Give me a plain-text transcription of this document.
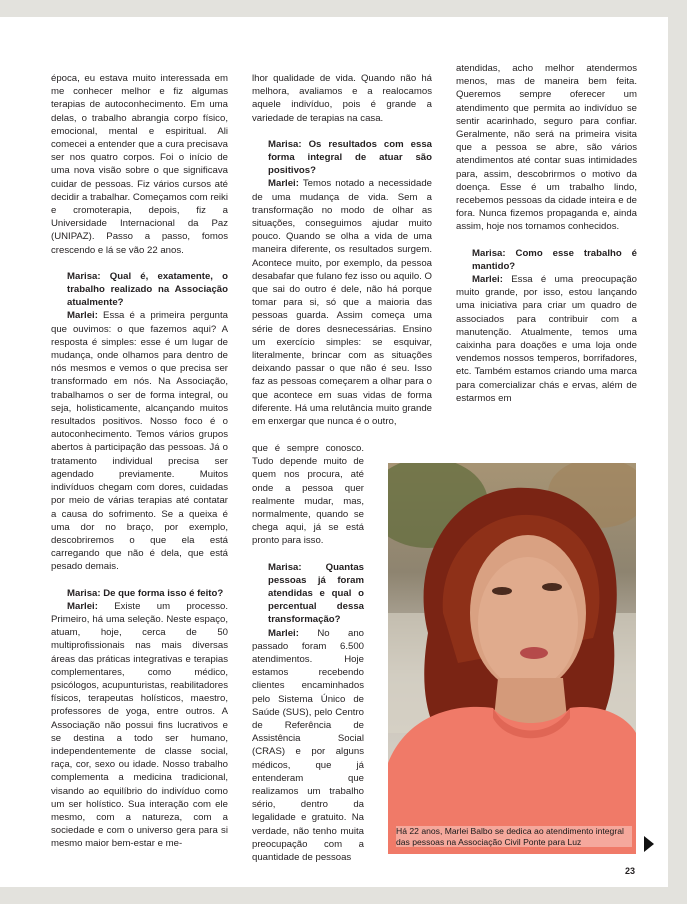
época, eu estava muito interessada em me conhecer melhor e fiz algumas terapias de autoconhecimento. Em uma delas, o trabalho abrangia corpo físico, emocional, mental e espiritual. Ali comecei a entender que a cura precisava ser nos quatro corpos. Foi o início de uma nova visão sobre o que significava cuidar de pessoas. Fiz vários cursos até decidir a trabalhar. Começamos com reiki e cromoterapia, depois, fiz a Universidade Internacional da Paz (UNIPAZ). Passo a passo, fomos crescendo e lá se vão 22 anos.

Marisa: Qual é, exatamente, o trabalho realizado na Associação atualmente?

Marlei: Essa é a primeira pergunta que ouvimos: o que fazemos aqui? A resposta é simples: esse é um lugar de mudança, onde olhamos para dentro de nós mesmos e vemos o que precisa ser transformado em nós. Na Associação, trabalhamos o ser de forma integral, ou seja, holisticamente, alcançando muitos resultados positivos. Nosso foco é o autoconhecimento. Temos vários grupos abertos à participação das pessoas. Já o tratamento individual precisa ser agendado previamente. Muitos indivíduos chegam com dores, cuidadas por meio de várias terapias até contatar a causa do sofrimento. Se a queixa é uma dor no braço, por exemplo, descobriremos o que ela está carregando que não é dela, que está pesado demais.

Marisa: De que forma isso é feito?

Marlei: Existe um processo. Primeiro, há uma seleção. Neste espaço, atuam, hoje, cerca de 50 multiprofissionais nas mais diversas áreas das práticas integrativas e terapias complementares, como médico, psicólogos, acupunturistas, reabilitadores físicos, terapeutas holísticos, maestro, professores de yoga, entre outros. A Associação não possui fins lucrativos e se destina a todo ser humano, independentemente de classe social, raça, cor, sexo ou idade. Nosso trabalho complementa a medicina tradicional, visando ao equilíbrio do indivíduo como um ser holístico. Sua interação com ele mesmo, com a natureza, com a sociedade e com o universo gera para si mesmo maior bem-estar e me-

lhor qualidade de vida. Quando não há melhora, avaliamos e a realocamos aquele indivíduo, pois é grande a variedade de terapias na casa.

Marisa: Os resultados com essa forma integral de atuar são positivos?

Marlei: Temos notado a necessidade de uma mudança de vida. Sem a transformação no modo de olhar as situações, conseguimos ajudar muito pouco. Quando se olha a vida de uma maneira diferente, os resultados surgem. Acontece muito, por exemplo, da pessoa desabafar que fulano fez isso ou aquilo. O que sai do outro é dele, não há porque tomar para si, só que a maioria das pessoas guarda. Assim começa uma série de dores desnecessárias. Ensino um exercício simples: se esquivar, literalmente, brincar com as situações deixando passar o que não é seu. Isso faz as pessoas começarem a olhar para o que acontece em suas vidas de forma diferente. Há uma relutância muito grande em enxergar que nunca é o outro,

que é sempre conosco. Tudo depende muito de quem nos procura, até onde a pessoa quer realmente mudar, mas, normalmente, quando se chega aqui, já se está pronto para isso.

Marisa: Quantas pessoas já foram atendidas e qual o percentual dessa transformação?

Marlei: No ano passado foram 6.500 atendimentos. Hoje estamos recebendo clientes encaminhados pelo Sistema Único de Saúde (SUS), pelo Centro de Referência de Assistência Social (CRAS) e por alguns médicos, que já entenderam que realizamos um trabalho sério, dentro da legalidade e gratuito. Na verdade, não tenho muita preocupação com a quantidade de pessoas

atendidas, acho melhor atendermos menos, mas de maneira bem feita. Queremos sempre oferecer um atendimento que permita ao indivíduo se sentir acarinhado, seguro para confiar. Geralmente, não será na primeira visita que a pessoa se abre, são vários atendimentos até contar suas intimidades para, assim, descobrirmos o motivo da doença. Esse é um trabalho lindo, recebemos pessoas da cidade inteira e de fora. Nunca fizemos propaganda e, ainda assim, hoje nos tornamos conhecidos.

Marisa: Como esse trabalho é mantido?

Marlei: Essa é uma preocupação muito grande, por isso, estou lançando uma iniciativa para criar um quadro de associados para contribuir com a manutenção. Atualmente, temos uma caixinha para doações e uma loja onde vendemos nossos temperos, borrifadores, etc. Também estamos criando uma marca para comercializar chás e ervas, além de estarmos em

Há 22 anos, Marlei Balbo se dedica ao atendimento integral das pessoas na Associação Civil Ponte para Luz
23
